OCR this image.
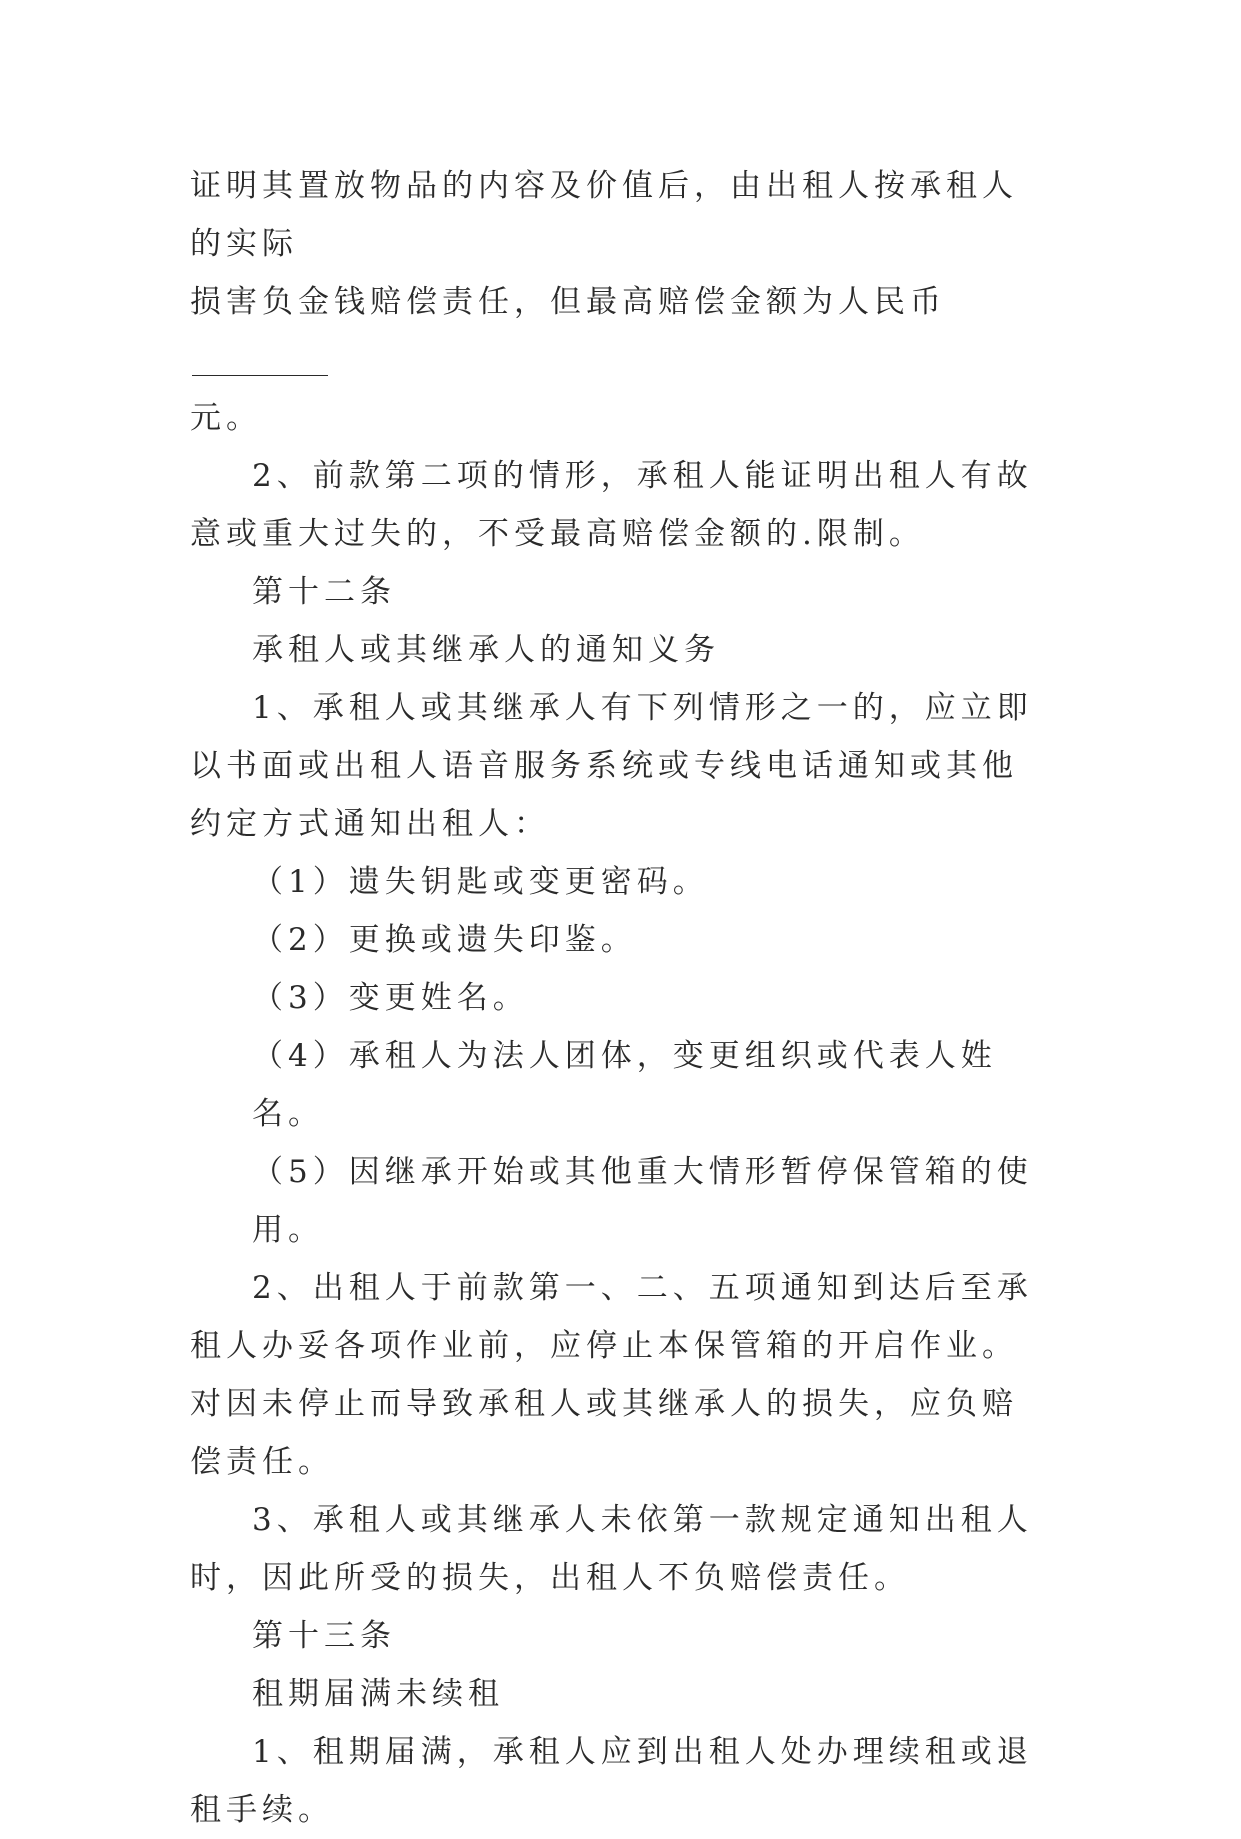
证明其置放物品的内容及价值后，由出租人按承租人的实际
损害负金钱赔偿责任，但最高赔偿金额为人民币
元。

2、前款第二项的情形，承租人能证明出租人有故意或重大过失的，不受最高赔偿金额的.限制。

第十二条

承租人或其继承人的通知义务

1、承租人或其继承人有下列情形之一的，应立即以书面或出租人语音服务系统或专线电话通知或其他约定方式通知出租人：

（1）遗失钥匙或变更密码。

（2）更换或遗失印鉴。

（3）变更姓名。

（4）承租人为法人团体，变更组织或代表人姓名。

（5）因继承开始或其他重大情形暂停保管箱的使用。

2、出租人于前款第一、二、五项通知到达后至承租人办妥各项作业前，应停止本保管箱的开启作业。对因未停止而导致承租人或其继承人的损失，应负赔偿责任。

3、承租人或其继承人未依第一款规定通知出租人时，因此所受的损失，出租人不负赔偿责任。

第十三条

租期届满未续租

1、租期届满，承租人应到出租人处办理续租或退租手续。
